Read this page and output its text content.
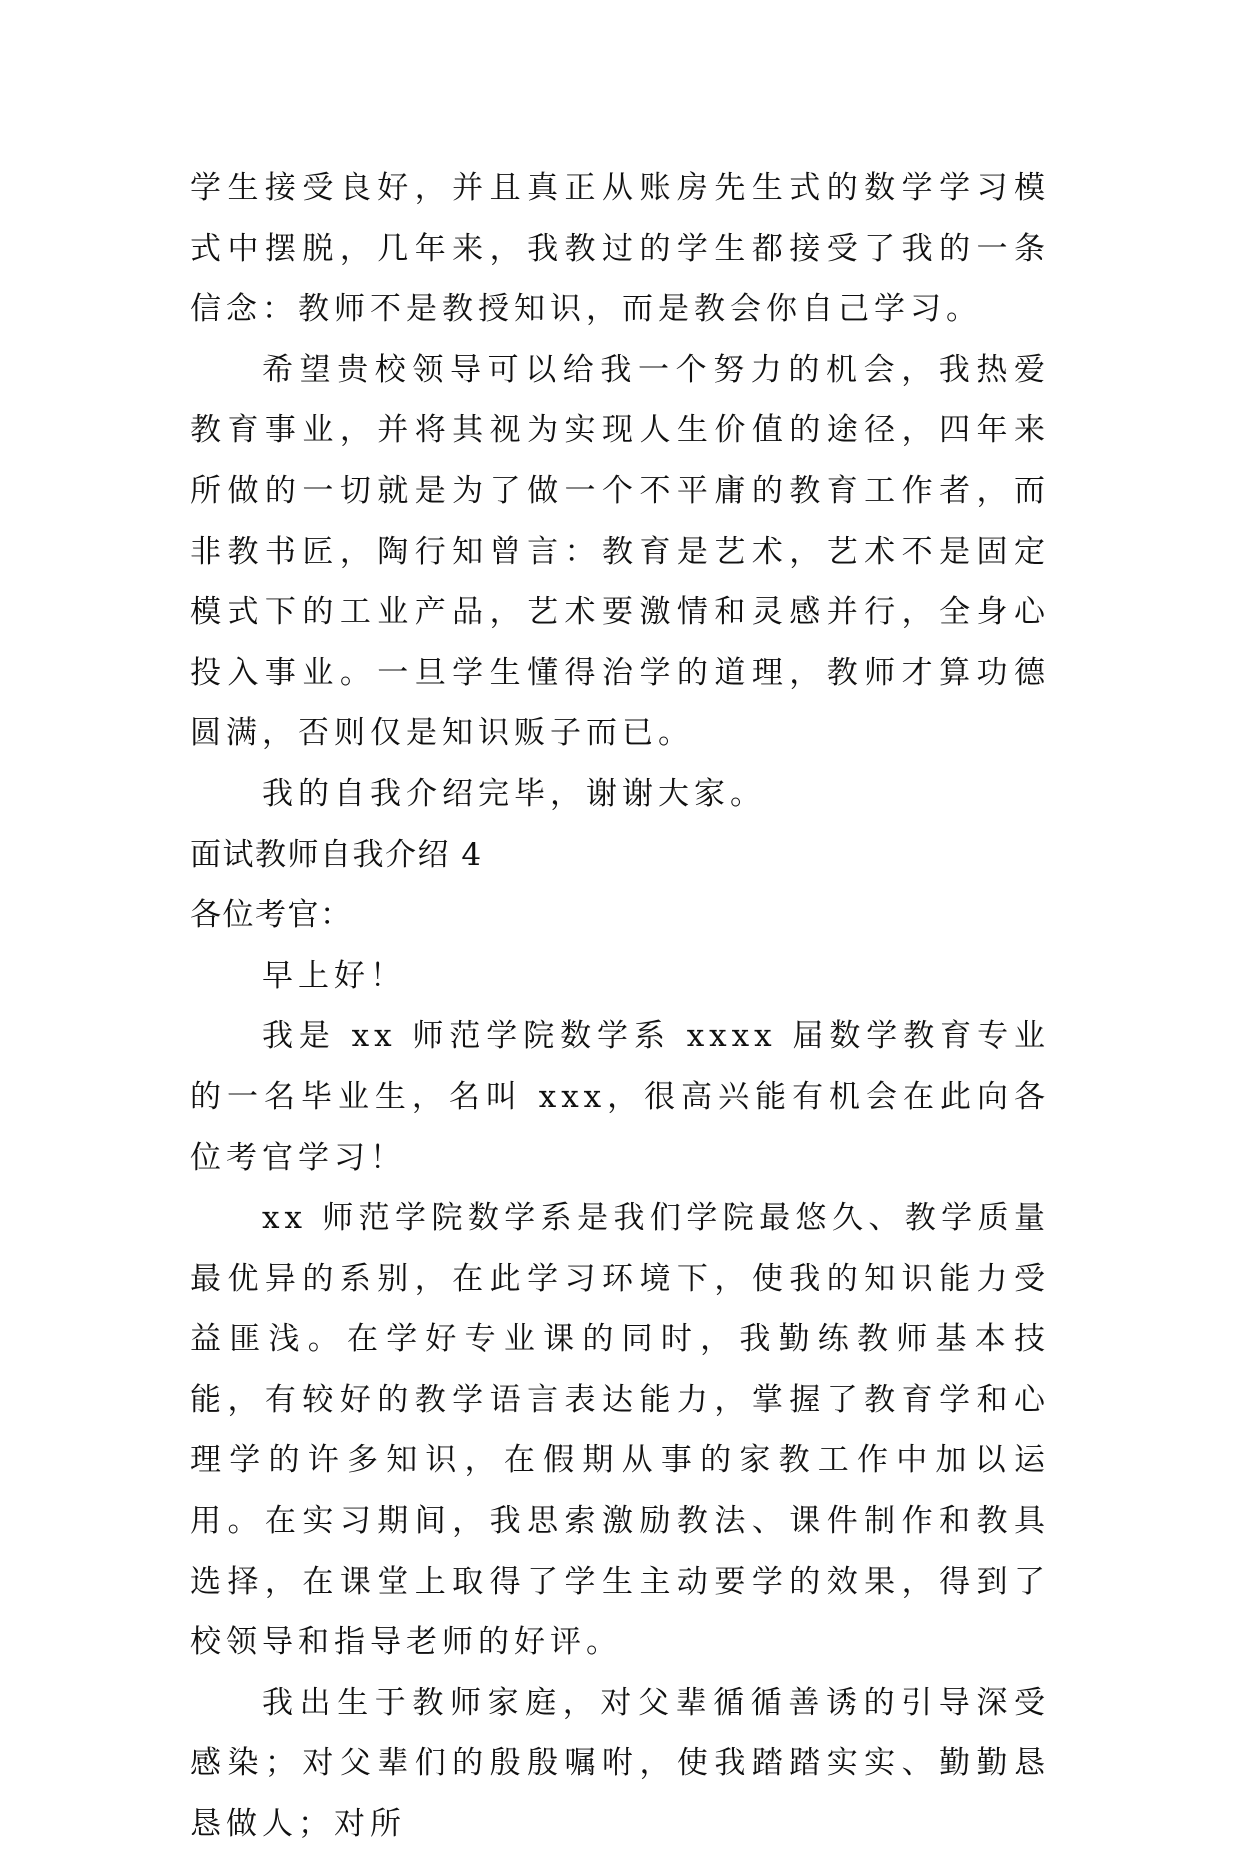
学生接受良好，并且真正从账房先生式的数学学习模式中摆脱，几年来，我教过的学生都接受了我的一条信念：教师不是教授知识，而是教会你自己学习。

希望贵校领导可以给我一个努力的机会，我热爱教育事业，并将其视为实现人生价值的途径，四年来所做的一切就是为了做一个不平庸的教育工作者，而非教书匠，陶行知曾言：教育是艺术，艺术不是固定模式下的工业产品，艺术要激情和灵感并行，全身心投入事业。一旦学生懂得治学的道理，教师才算功德圆满，否则仅是知识贩子而已。

我的自我介绍完毕，谢谢大家。

面试教师自我介绍 4

各位考官：

早上好！

我是 xx 师范学院数学系 xxxx 届数学教育专业的一名毕业生，名叫 xxx，很高兴能有机会在此向各位考官学习！

xx 师范学院数学系是我们学院最悠久、教学质量最优异的系别，在此学习环境下，使我的知识能力受益匪浅。在学好专业课的同时，我勤练教师基本技能，有较好的教学语言表达能力，掌握了教育学和心理学的许多知识，在假期从事的家教工作中加以运用。在实习期间，我思索激励教法、课件制作和教具选择，在课堂上取得了学生主动要学的效果，得到了校领导和指导老师的好评。

我出生于教师家庭，对父辈循循善诱的引导深受感染；对父辈们的殷殷嘱咐，使我踏踏实实、勤勤恳恳做人；对所
